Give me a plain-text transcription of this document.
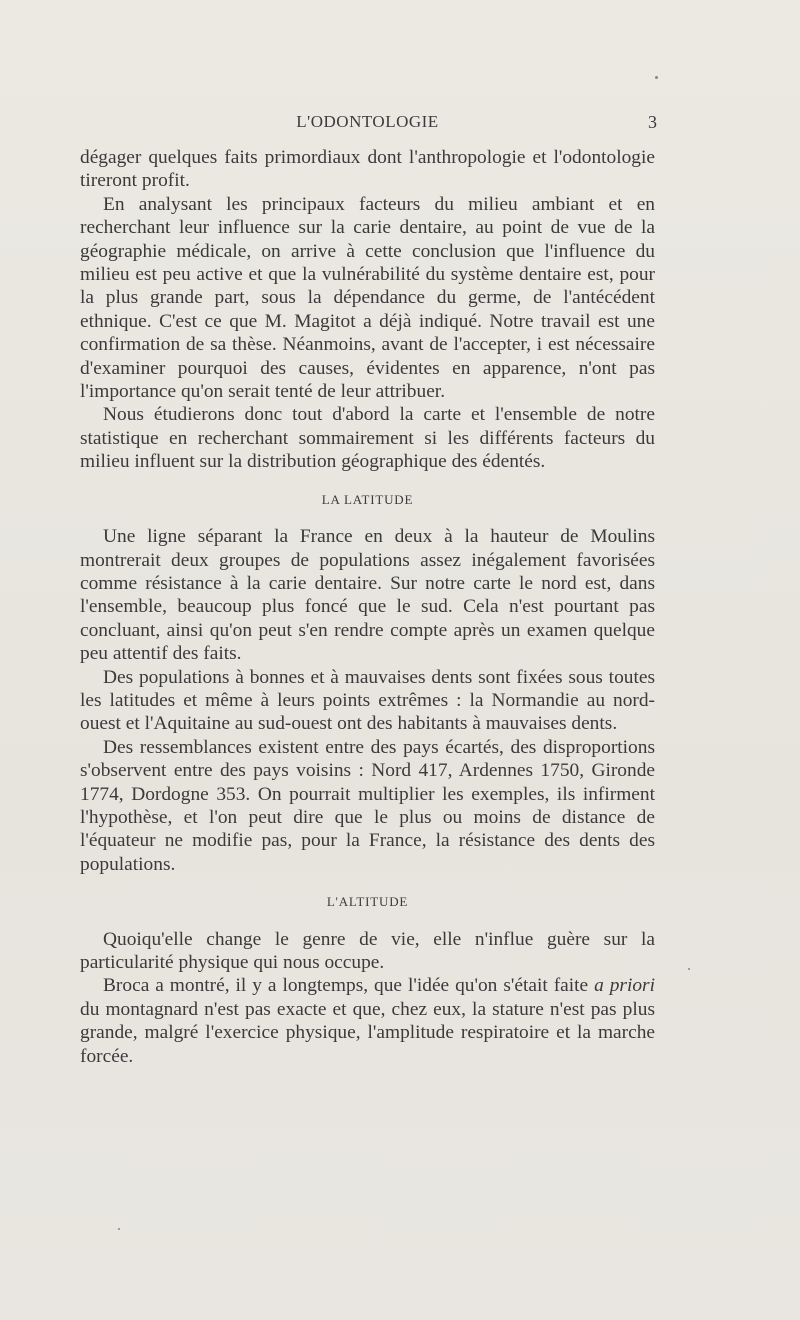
L'ODONTOLOGIE	3

dégager quelques faits primordiaux dont l'anthropologie et l'odontologie tireront profit.

En analysant les principaux facteurs du milieu ambiant et en recherchant leur influence sur la carie dentaire, au point de vue de la géographie médicale, on arrive à cette conclusion que l'influence du milieu est peu active et que la vulnérabilité du système dentaire est, pour la plus grande part, sous la dépendance du germe, de l'antécédent ethnique. C'est ce que M. Magitot a déjà indiqué. Notre travail est une confirmation de sa thèse. Néanmoins, avant de l'accepter, i est nécessaire d'examiner pourquoi des causes, évidentes en apparence, n'ont pas l'importance qu'on serait tenté de leur attribuer.

Nous étudierons donc tout d'abord la carte et l'ensemble de notre statistique en recherchant sommairement si les différents facteurs du milieu influent sur la distribution géographique des édentés.

LA LATITUDE

Une ligne séparant la France en deux à la hauteur de Moulins montrerait deux groupes de populations assez inégalement favorisées comme résistance à la carie dentaire. Sur notre carte le nord est, dans l'ensemble, beaucoup plus foncé que le sud. Cela n'est pourtant pas concluant, ainsi qu'on peut s'en rendre compte après un examen quelque peu attentif des faits.

Des populations à bonnes et à mauvaises dents sont fixées sous toutes les latitudes et même à leurs points extrêmes : la Normandie au nord-ouest et l'Aquitaine au sud-ouest ont des habitants à mauvaises dents.

Des ressemblances existent entre des pays écartés, des disproportions s'observent entre des pays voisins : Nord 417, Ardennes 1750, Gironde 1774, Dordogne 353. On pourrait multiplier les exemples, ils infirment l'hypothèse, et l'on peut dire que le plus ou moins de distance de l'équateur ne modifie pas, pour la France, la résistance des dents des populations.

L'ALTITUDE

Quoiqu'elle change le genre de vie, elle n'influe guère sur la particularité physique qui nous occupe.

Broca a montré, il y a longtemps, que l'idée qu'on s'était faite a priori du montagnard n'est pas exacte et que, chez eux, la stature n'est pas plus grande, malgré l'exercice physique, l'amplitude respiratoire et la marche forcée.
